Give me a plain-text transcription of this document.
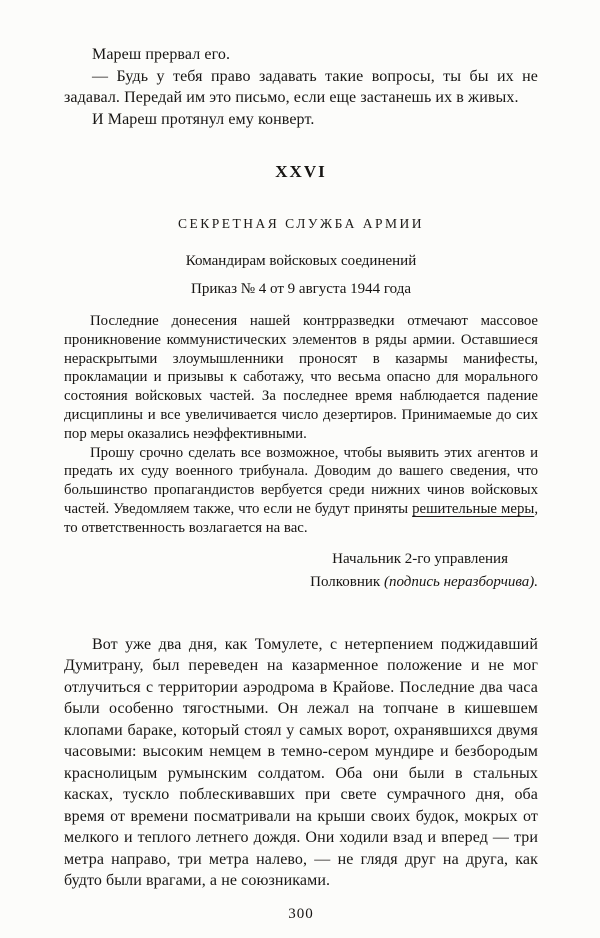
Мареш прервал его.

— Будь у тебя право задавать такие вопросы, ты бы их не задавал. Передай им это письмо, если еще застанешь их в живых.

И Мареш протянул ему конверт.

XXVI
СЕКРЕТНАЯ СЛУЖБА АРМИИ
Командирам войсковых соединений
Приказ № 4 от 9 августа 1944 года

Последние донесения нашей контрразведки отмечают массовое проникновение коммунистических элементов в ряды армии. Оставшиеся нераскрытыми злоумышленники проносят в казармы манифесты, прокламации и призывы к саботажу, что весьма опасно для морального состояния войсковых частей. За последнее время наблюдается падение дисциплины и все увеличивается число дезертиров. Принимаемые до сих пор меры оказались неэффективными.

Прошу срочно сделать все возможное, чтобы выявить этих агентов и предать их суду военного трибунала. Доводим до вашего сведения, что большинство пропагандистов вербуется среди нижних чинов войсковых частей. Уведомляем также, что если не будут приняты решительные меры, то ответственность возлагается на вас.

Начальник 2-го управления
Полковник (подпись неразборчива).

Вот уже два дня, как Томулете, с нетерпением поджидавший Думитрану, был переведен на казарменное положение и не мог отлучиться с территории аэродрома в Крайове. Последние два часа были особенно тягостными. Он лежал на топчане в кишевшем клопами бараке, который стоял у самых ворот, охранявшихся двумя часовыми: высоким немцем в темно-сером мундире и безбородым краснолицым румынским солдатом. Оба они были в стальных касках, тускло поблескивавших при свете сумрачного дня, оба время от времени посматривали на крыши своих будок, мокрых от мелкого и теплого летнего дождя. Они ходили взад и вперед — три метра направо, три метра налево, — не глядя друг на друга, как будто были врагами, а не союзниками.

300
